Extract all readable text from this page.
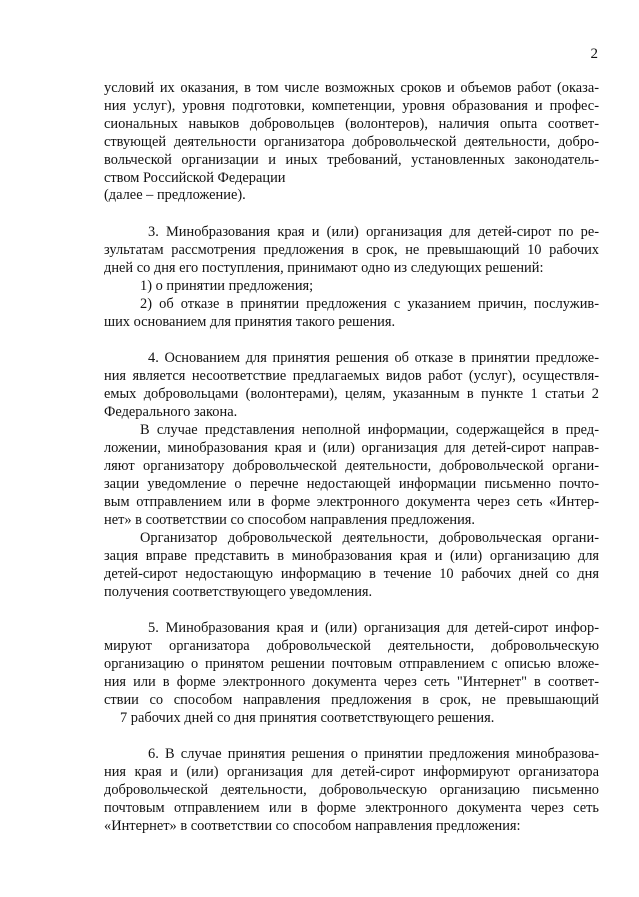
2
условий их оказания, в том числе возможных сроков и объемов работ (оказа-
ния услуг), уровня подготовки, компетенции, уровня образования и профес-
сиональных навыков добровольцев (волонтеров), наличия опыта соответ-
ствующей деятельности организатора добровольческой деятельности, добро-
вольческой организации и иных требований, установленных законодатель-
ством Российской Федерации
(далее – предложение).
3. Минобразования края и (или) организация для детей-сирот по ре-
зультатам рассмотрения предложения в срок, не превышающий 10 рабочих
дней со дня его поступления, принимают одно из следующих решений:
1) о принятии предложения;
2) об отказе в принятии предложения с указанием причин, послужив-
ших основанием для принятия такого решения.
4. Основанием для принятия решения об отказе в принятии предложе-
ния является несоответствие предлагаемых видов работ (услуг), осуществля-
емых добровольцами (волонтерами), целям, указанным в пункте 1 статьи 2
Федерального закона.
В случае представления неполной информации, содержащейся в пред-
ложении, минобразования края и (или) организация для детей-сирот направ-
ляют организатору добровольческой деятельности, добровольческой органи-
зации уведомление о перечне недостающей информации письменно почто-
вым отправлением или в форме электронного документа через сеть «Интер-
нет» в соответствии со способом направления предложения.
Организатор добровольческой деятельности, добровольческая органи-
зация вправе представить в минобразования края и (или) организацию для
детей-сирот недостающую информацию в течение 10 рабочих дней со дня
получения соответствующего уведомления.
5. Минобразования края и (или) организация для детей-сирот инфор-
мируют организатора добровольческой деятельности, добровольческую
организацию о принятом решении почтовым отправлением с описью вложе-
ния или в форме электронного документа через сеть "Интернет" в соответ-
ствии со способом направления предложения в срок, не превышающий
7 рабочих дней со дня принятия соответствующего решения.
6. В случае принятия решения о принятии предложения минобразова-
ния края и (или) организация для детей-сирот информируют организатора
добровольческой деятельности, добровольческую организацию письменно
почтовым отправлением или в форме электронного документа через сеть
«Интернет» в соответствии со способом направления предложения:
